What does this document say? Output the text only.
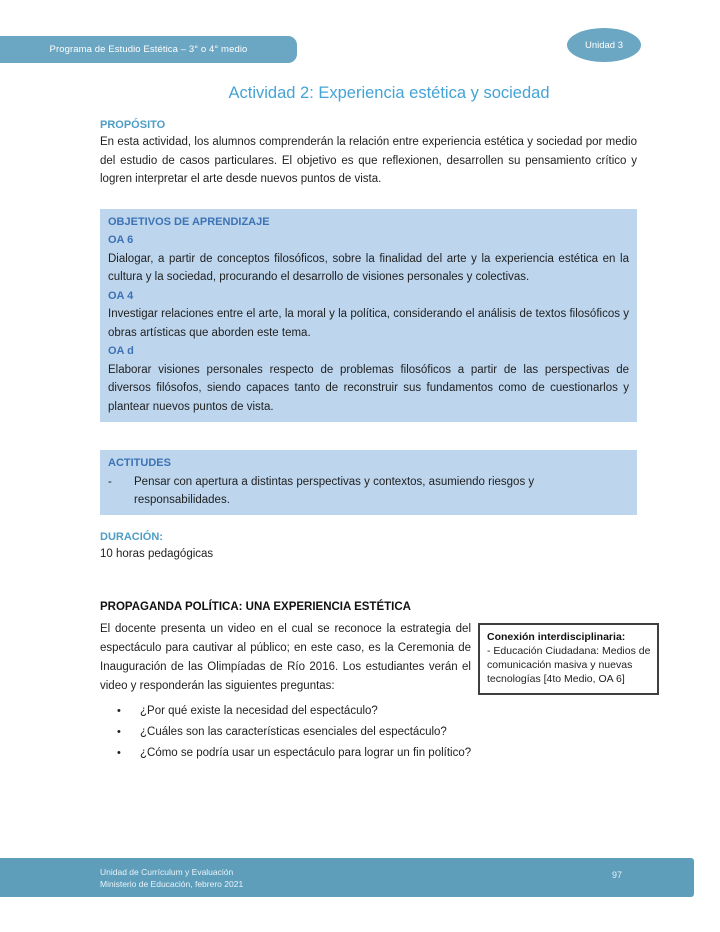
Programa de Estudio Estética – 3° o 4° medio	Unidad 3
Actividad 2: Experiencia estética y sociedad
PROPÓSITO
En esta actividad, los alumnos comprenderán la relación entre experiencia estética y sociedad por medio del estudio de casos particulares. El objetivo es que reflexionen, desarrollen su pensamiento crítico y logren interpretar el arte desde nuevos puntos de vista.
OBJETIVOS DE APRENDIZAJE
OA 6
Dialogar, a partir de conceptos filosóficos, sobre la finalidad del arte y la experiencia estética en la cultura y la sociedad, procurando el desarrollo de visiones personales y colectivas.
OA 4
Investigar relaciones entre el arte, la moral y la política, considerando el análisis de textos filosóficos y obras artísticas que aborden este tema.
OA d
Elaborar visiones personales respecto de problemas filosóficos a partir de las perspectivas de diversos filósofos, siendo capaces tanto de reconstruir sus fundamentos como de cuestionarlos y plantear nuevos puntos de vista.
ACTITUDES
-	Pensar con apertura a distintas perspectivas y contextos, asumiendo riesgos y responsabilidades.
DURACIÓN:
10 horas pedagógicas
PROPAGANDA POLÍTICA: UNA EXPERIENCIA ESTÉTICA
El docente presenta un video en el cual se reconoce la estrategia del espectáculo para cautivar al público; en este caso, es la Ceremonia de Inauguración de las Olimpíadas de Río 2016. Los estudiantes verán el video y responderán las siguientes preguntas:
Conexión interdisciplinaria:
- Educación Ciudadana: Medios de comunicación masiva y nuevas tecnologías [4to Medio, OA 6]
•	¿Por qué existe la necesidad del espectáculo?
•	¿Cuáles son las características esenciales del espectáculo?
•	¿Cómo se podría usar un espectáculo para lograr un fin político?
Unidad de Currículum y Evaluación
Ministerio de Educación, febrero 2021
97
